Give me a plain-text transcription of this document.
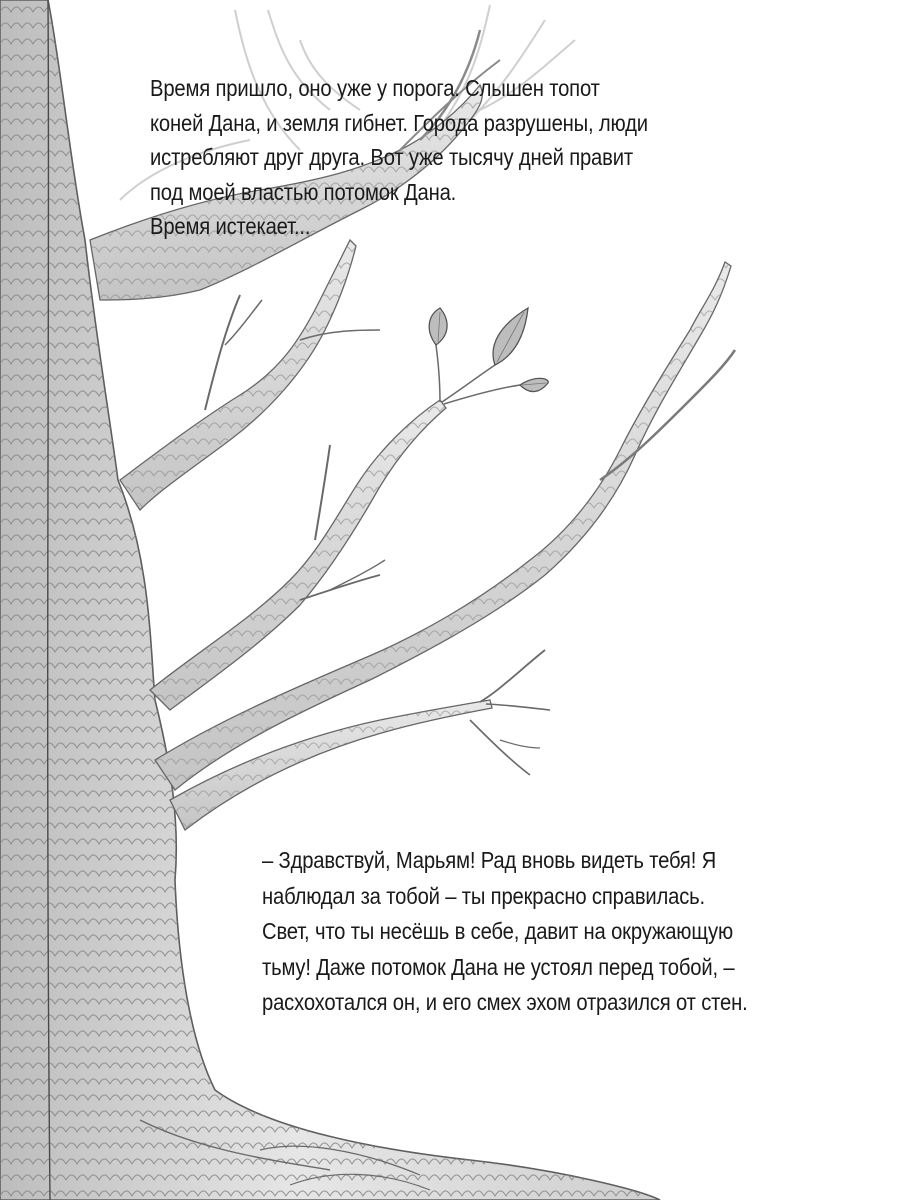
Время пришло, оно уже у порога. Слышен топот
коней Дана, и земля гибнет. Города разрушены, люди
истребляют друг друга. Вот уже тысячу дней правит
под моей властью потомок Дана.
Время истекает...
– Здравствуй, Марьям! Рад вновь видеть тебя! Я
наблюдал за тобой – ты прекрасно справилась.
Свет, что ты несёшь в себе, давит на окружающую
тьму! Даже потомок Дана не устоял перед тобой, –
расхохотался он, и его смех эхом отразился от стен.
